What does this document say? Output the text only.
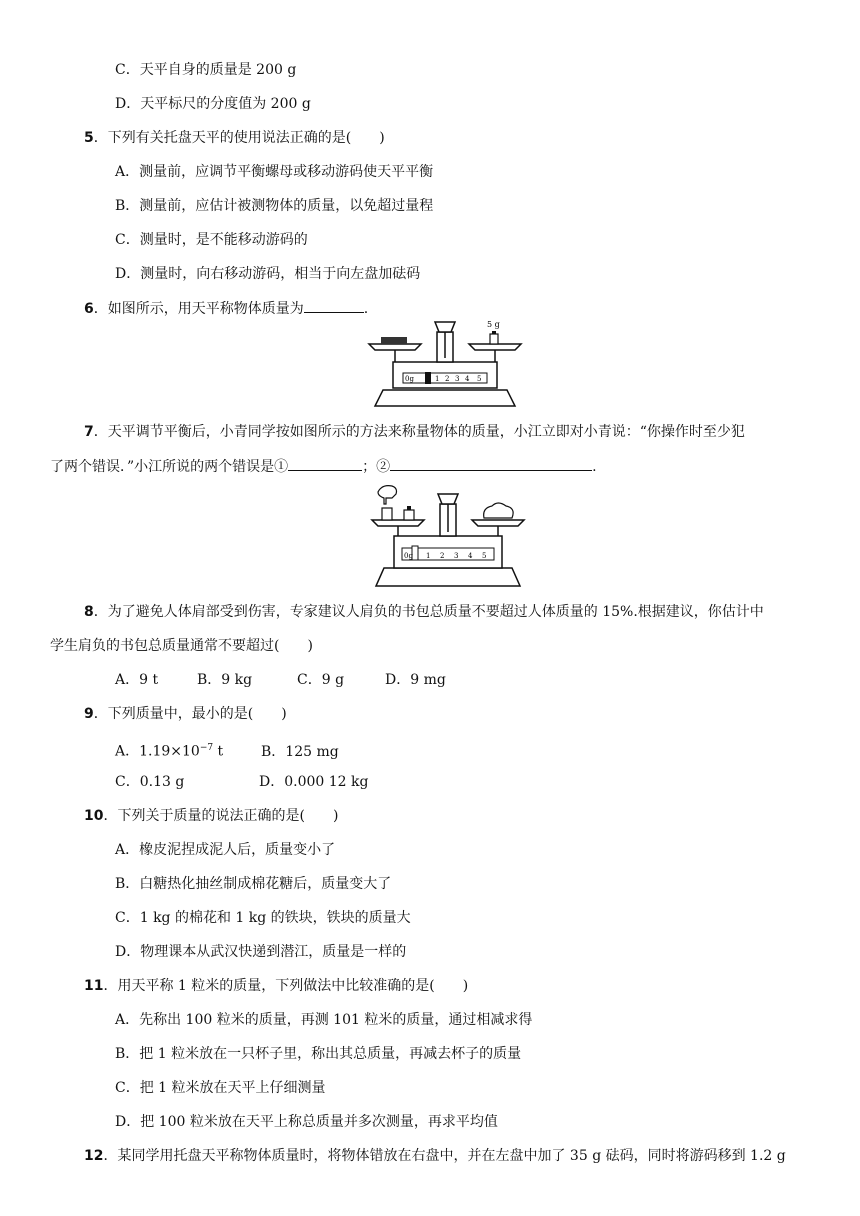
C．天平自身的质量是 200 g
D．天平标尺的分度值为 200 g
5．下列有关托盘天平的使用说法正确的是(　　)
A．测量前，应调节平衡螺母或移动游码使天平平衡
B．测量前，应估计被测物体的质量，以免超过量程
C．测量时，是不能移动游码的
D．测量时，向右移动游码，相当于向左盘加砝码
6．如图所示，用天平称物体质量为	.
5 g
0g	1 2 3 4 5
7．天平调节平衡后，小青同学按如图所示的方法来称量物体的质量，小江立即对小青说：“你操作时至少犯
了两个错误．”小江所说的两个错误是①	；②	.
0g 1 2 3 4 5
8．为了避免人体肩部受到伤害，专家建议人肩负的书包总质量不要超过人体质量的 15%.根据建议，你估计中
学生肩负的书包总质量通常不要超过(　　)
A．9 t	B．9 kg	C．9 g	D．9 mg
9．下列质量中，最小的是(　　)
A．$1.19\times 10^{-7}$ t	B．125 mg
C．0.13 g	D．0.000 12 kg
10．下列关于质量的说法正确的是(　　)
A．橡皮泥捏成泥人后，质量变小了
B．白糖热化抽丝制成棉花糖后，质量变大了
C．1 kg 的棉花和 1 kg 的铁块，铁块的质量大
D．物理课本从武汉快递到潜江，质量是一样的
11．用天平称 1 粒米的质量，下列做法中比较准确的是(　　)
A．先称出 100 粒米的质量，再测 101 粒米的质量，通过相减求得
B．把 1 粒米放在一只杯子里，称出其总质量，再减去杯子的质量
C．把 1 粒米放在天平上仔细测量
D．把 100 粒米放在天平上称总质量并多次测量，再求平均值
12．某同学用托盘天平称物体质量时，将物体错放在右盘中，并在左盘中加了 35 g 砝码，同时将游码移到 1.2 g
